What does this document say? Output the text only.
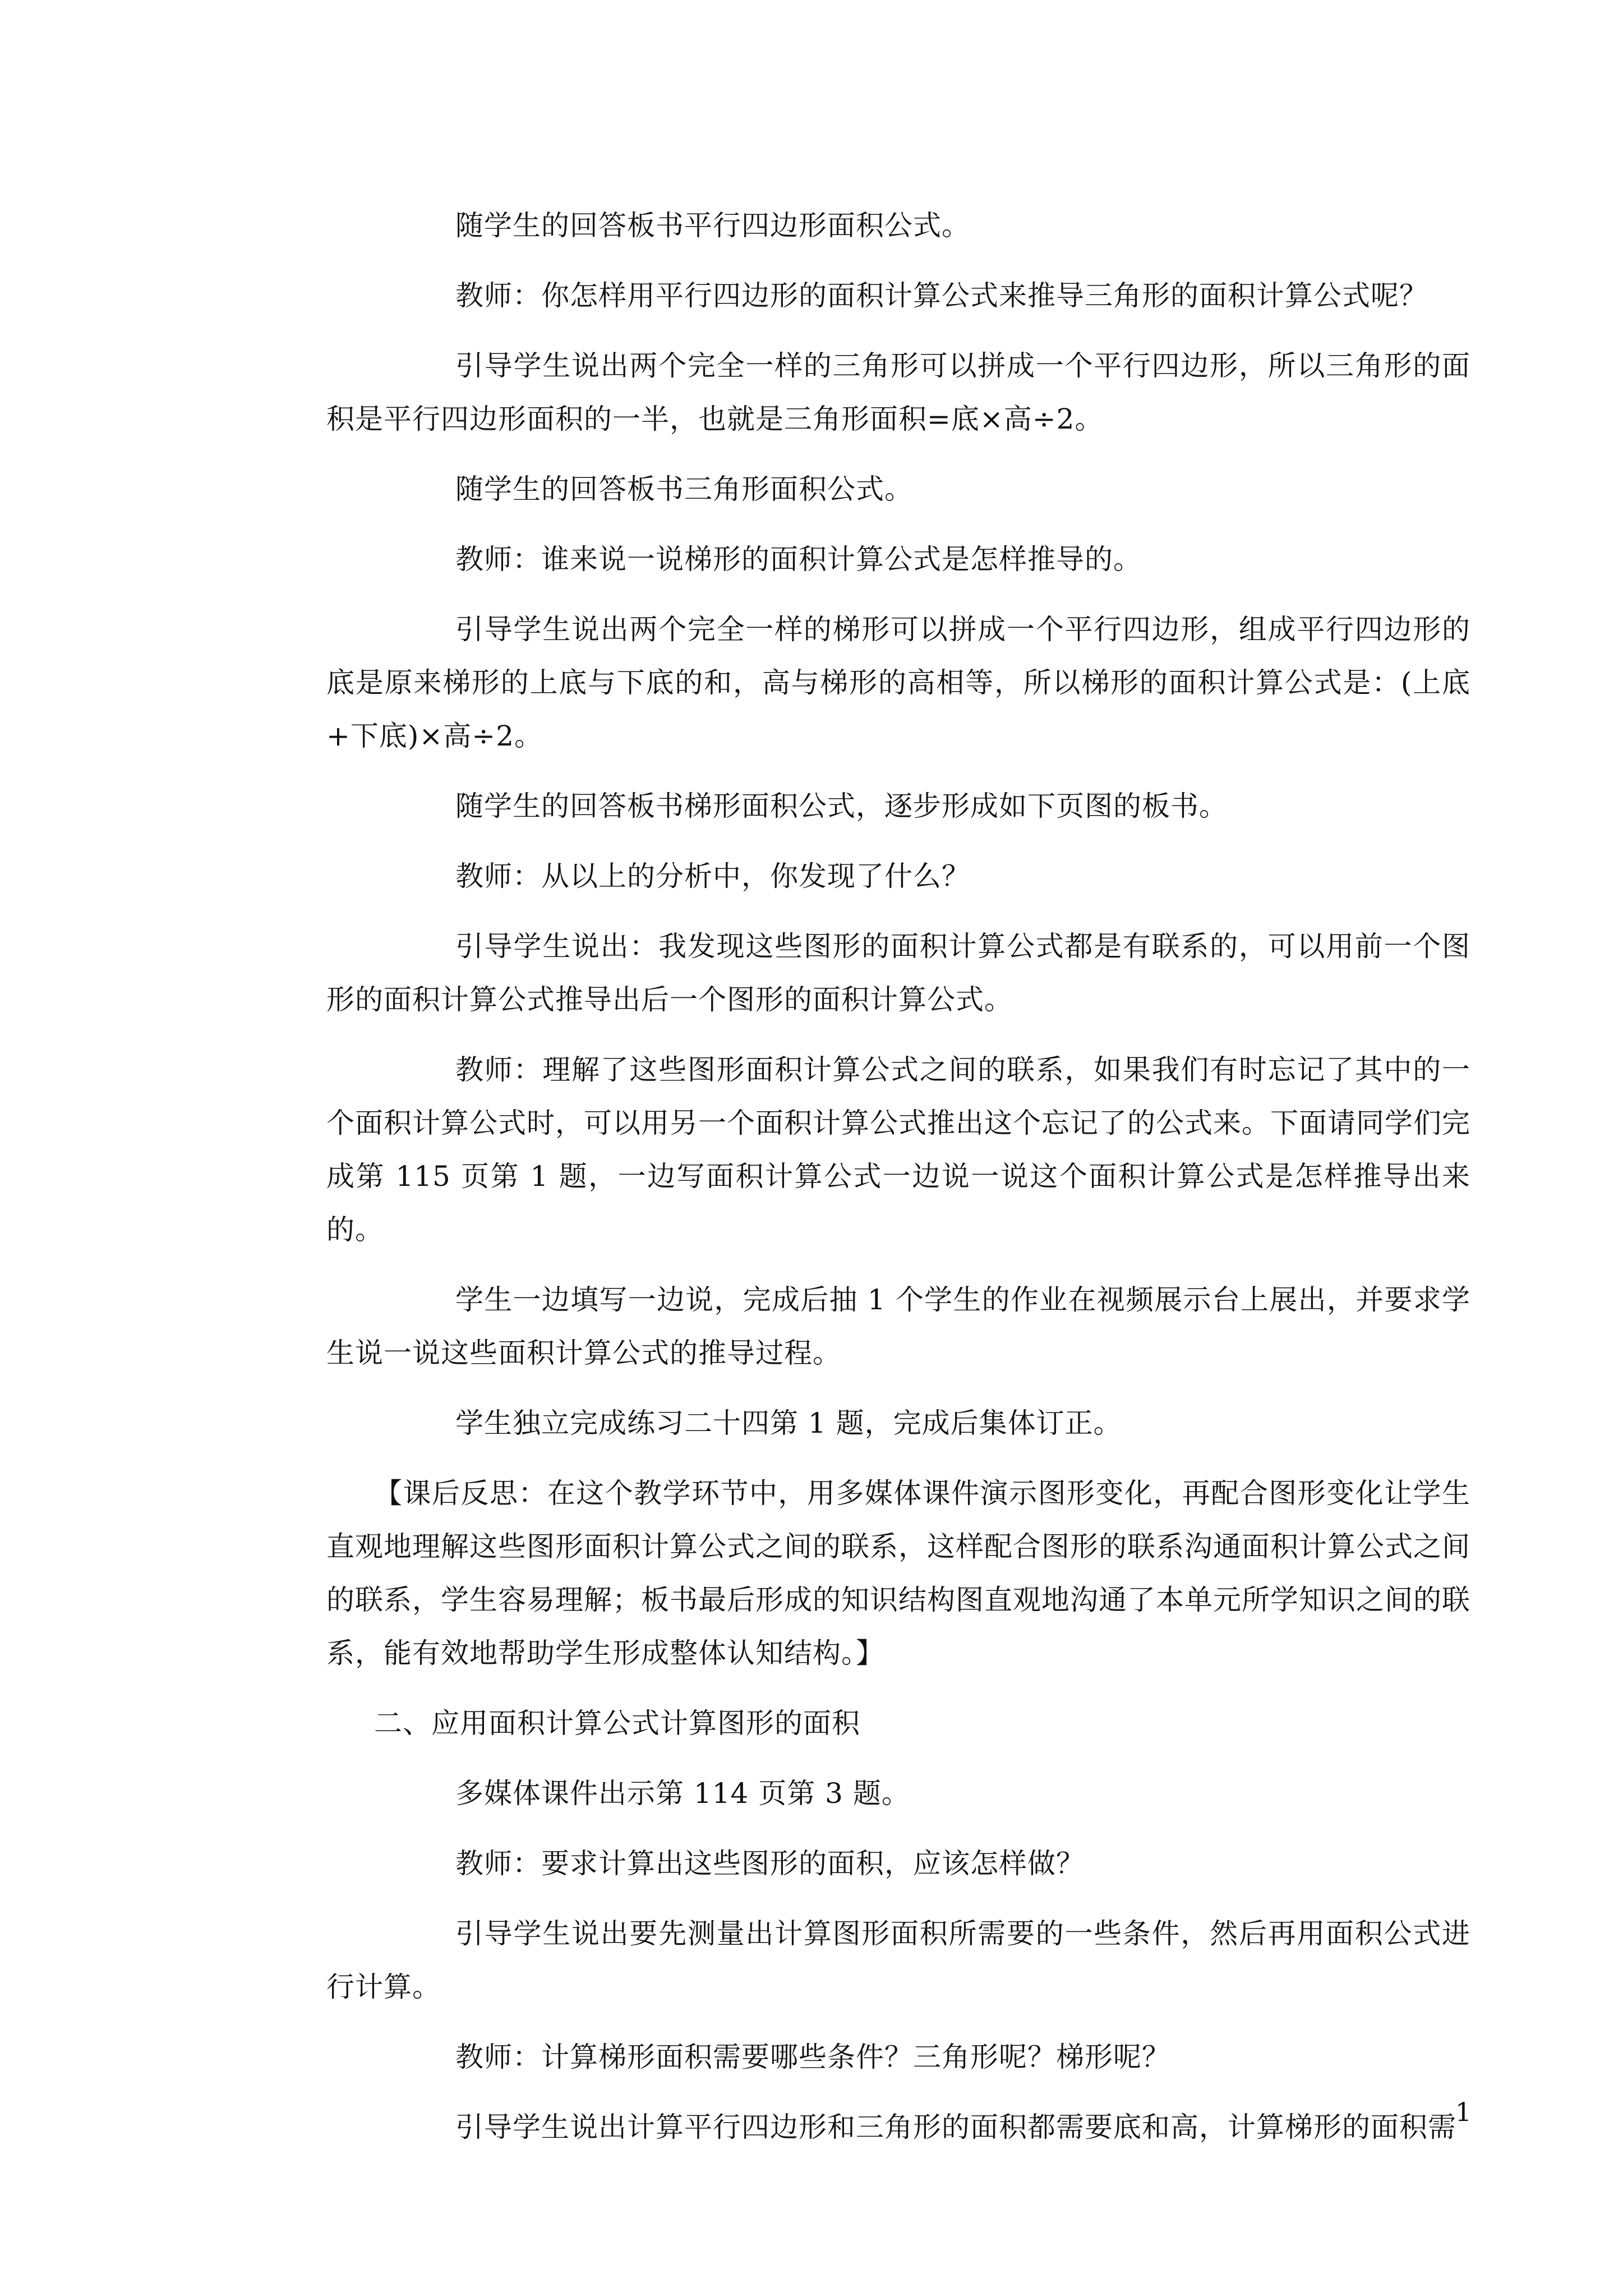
随学生的回答板书平行四边形面积公式。

教师：你怎样用平行四边形的面积计算公式来推导三角形的面积计算公式呢？

引导学生说出两个完全一样的三角形可以拼成一个平行四边形，所以三角形的面积是平行四边形面积的一半，也就是三角形面积=底×高÷2。

随学生的回答板书三角形面积公式。

教师：谁来说一说梯形的面积计算公式是怎样推导的。

引导学生说出两个完全一样的梯形可以拼成一个平行四边形，组成平行四边形的底是原来梯形的上底与下底的和，高与梯形的高相等，所以梯形的面积计算公式是：(上底+下底)×高÷2。

随学生的回答板书梯形面积公式，逐步形成如下页图的板书。

教师：从以上的分析中，你发现了什么？

引导学生说出：我发现这些图形的面积计算公式都是有联系的，可以用前一个图形的面积计算公式推导出后一个图形的面积计算公式。

教师：理解了这些图形面积计算公式之间的联系，如果我们有时忘记了其中的一个面积计算公式时，可以用另一个面积计算公式推出这个忘记了的公式来。下面请同学们完成第 115 页第 1 题，一边写面积计算公式一边说一说这个面积计算公式是怎样推导出来的。

学生一边填写一边说，完成后抽 1 个学生的作业在视频展示台上展出，并要求学生说一说这些面积计算公式的推导过程。

学生独立完成练习二十四第 1 题，完成后集体订正。

【课后反思：在这个教学环节中，用多媒体课件演示图形变化，再配合图形变化让学生直观地理解这些图形面积计算公式之间的联系，这样配合图形的联系沟通面积计算公式之间的联系，学生容易理解；板书最后形成的知识结构图直观地沟通了本单元所学知识之间的联系，能有效地帮助学生形成整体认知结构。】

二、应用面积计算公式计算图形的面积

多媒体课件出示第 114 页第 3 题。

教师：要求计算出这些图形的面积，应该怎样做？

引导学生说出要先测量出计算图形面积所需要的一些条件，然后再用面积公式进行计算。

教师：计算梯形面积需要哪些条件？三角形呢？梯形呢？

引导学生说出计算平行四边形和三角形的面积都需要底和高，计算梯形的面积需

1
